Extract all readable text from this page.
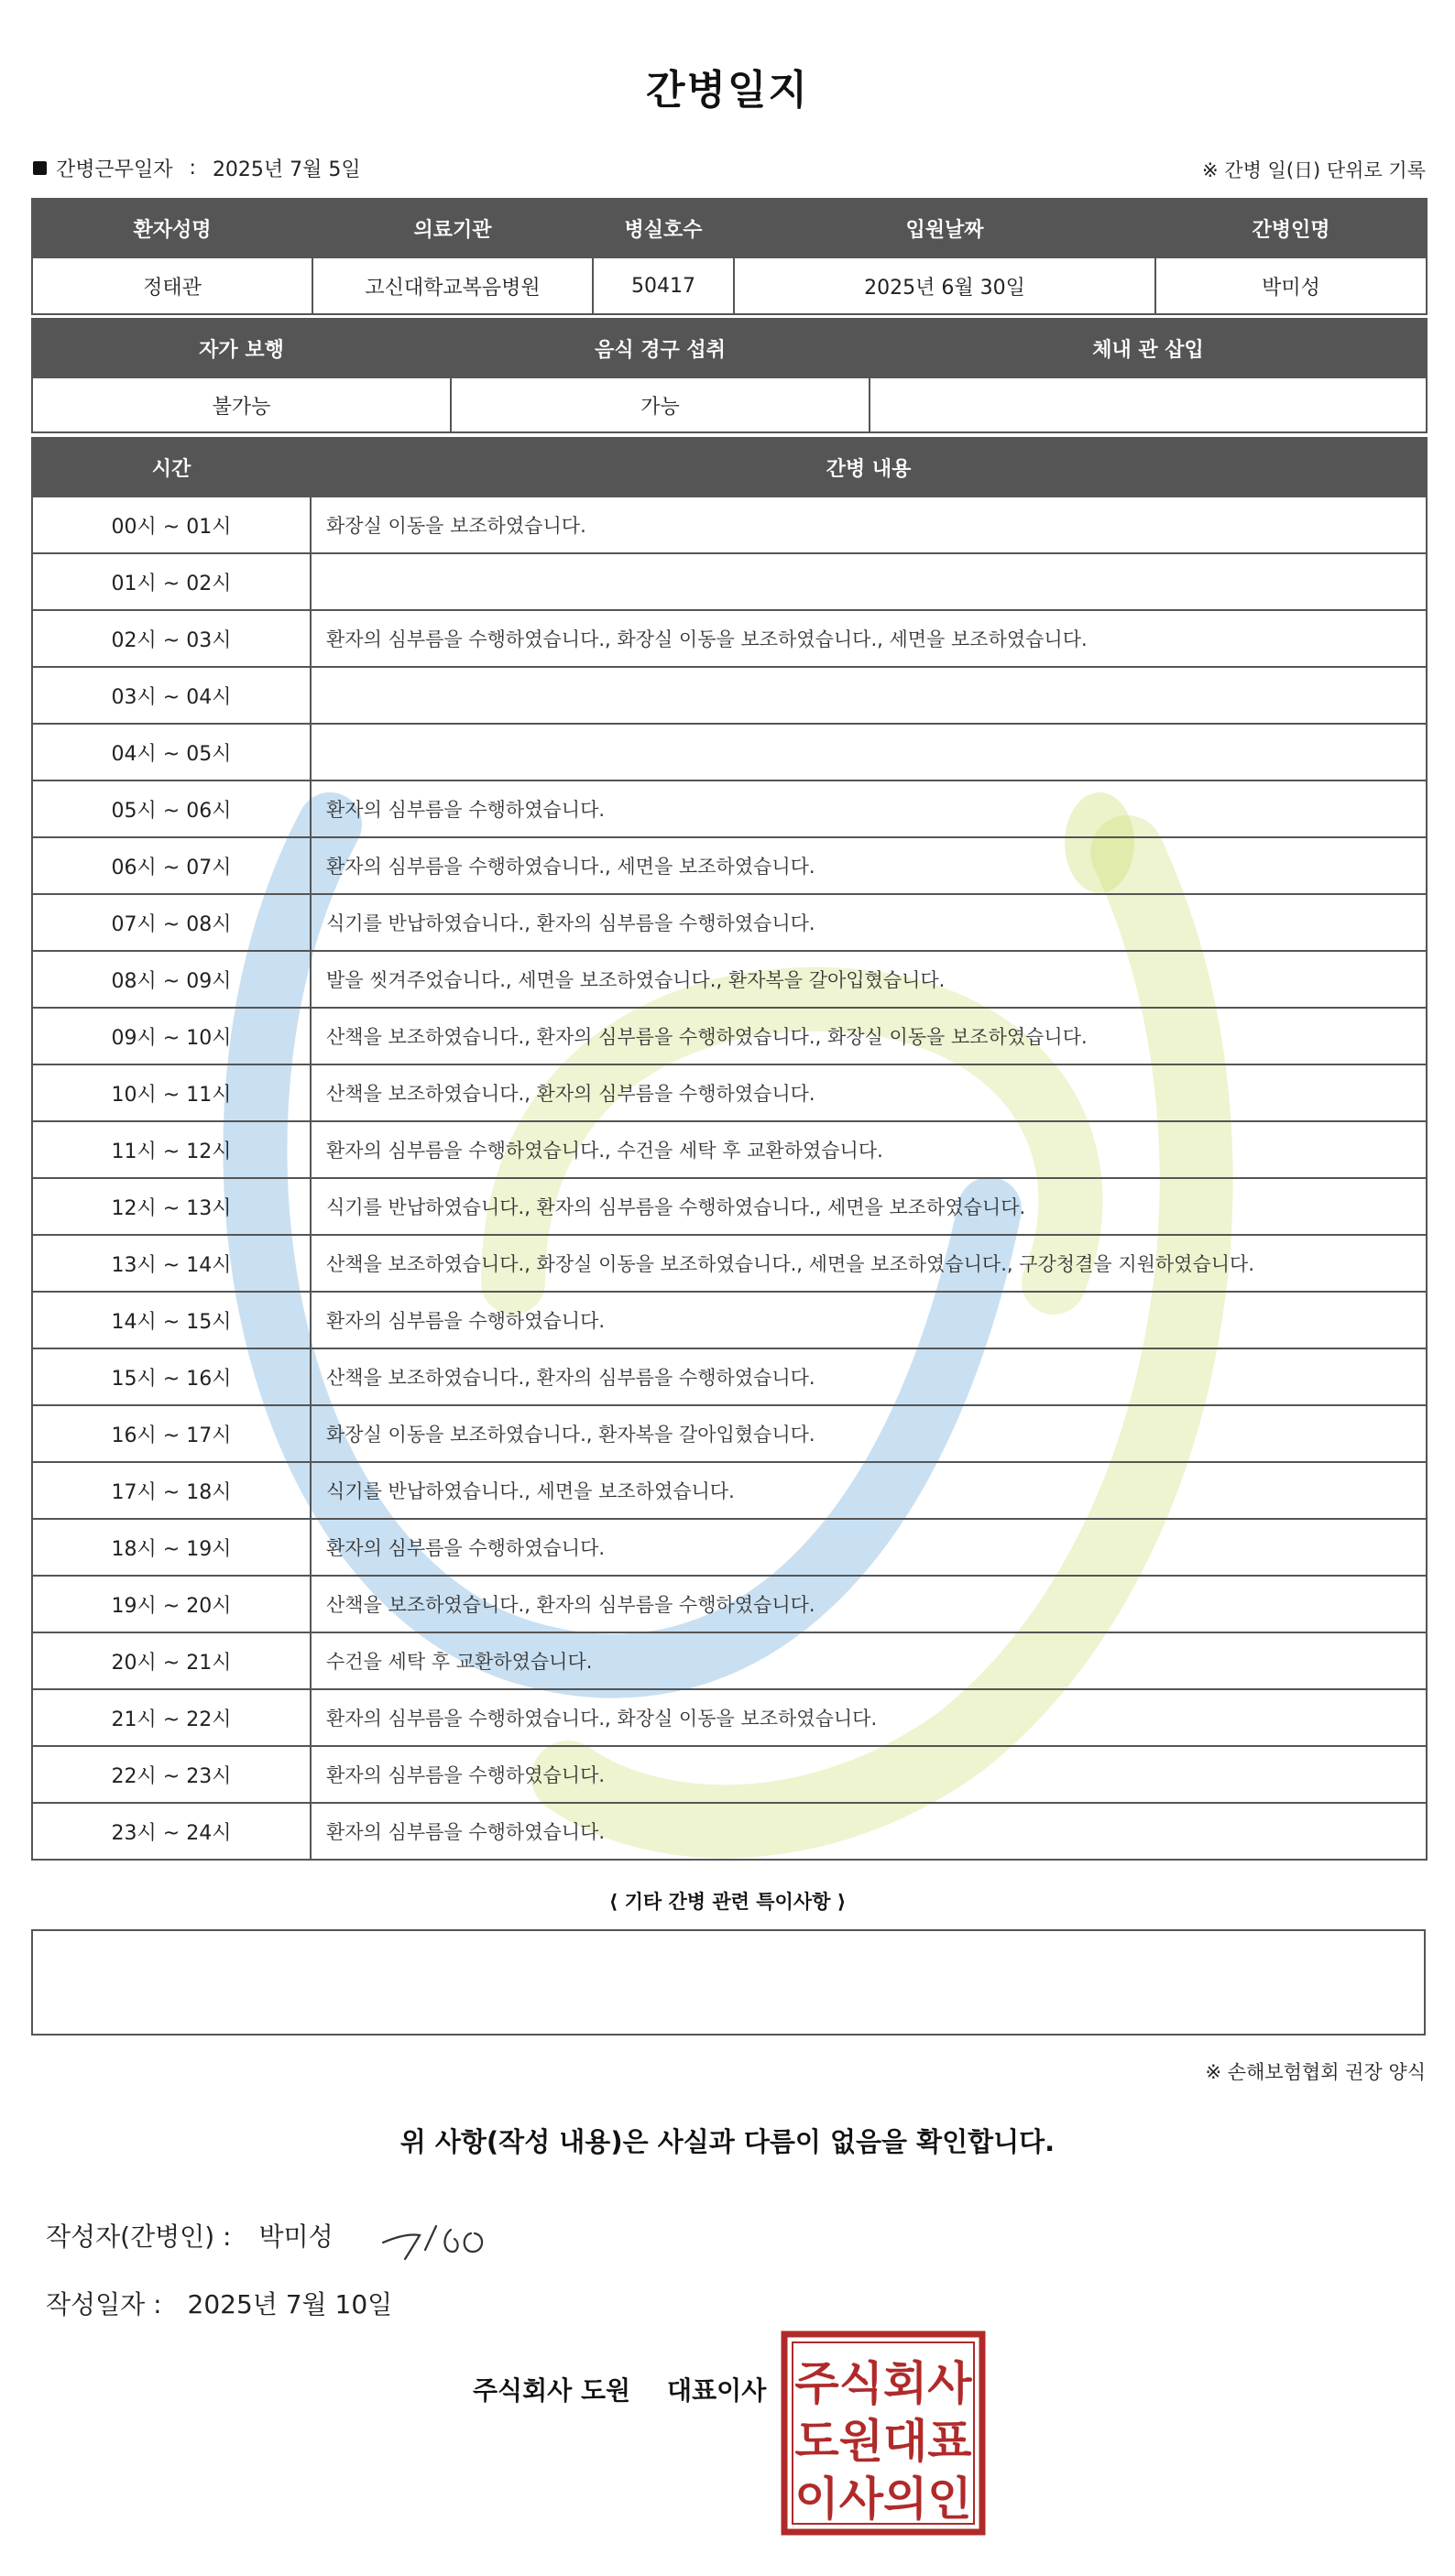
간병일지
간병근무일자 : 2025년 7월 5일	※ 간병 일(日) 단위로 기록
환자성명	의료기관	병실호수	입원날짜	간병인명
정태관	고신대학교복음병원	50417	2025년 6월 30일	박미성
자가 보행	음식 경구 섭취	체내 관 삽입
불가능	가능	
시간	간병 내용
00시 ~ 01시	화장실 이동을 보조하였습니다.
01시 ~ 02시	
02시 ~ 03시	환자의 심부름을 수행하였습니다., 화장실 이동을 보조하였습니다., 세면을 보조하였습니다.
03시 ~ 04시	
04시 ~ 05시	
05시 ~ 06시	환자의 심부름을 수행하였습니다.
06시 ~ 07시	환자의 심부름을 수행하였습니다., 세면을 보조하였습니다.
07시 ~ 08시	식기를 반납하였습니다., 환자의 심부름을 수행하였습니다.
08시 ~ 09시	발을 씻겨주었습니다., 세면을 보조하였습니다., 환자복을 갈아입혔습니다.
09시 ~ 10시	산책을 보조하였습니다., 환자의 심부름을 수행하였습니다., 화장실 이동을 보조하였습니다.
10시 ~ 11시	산책을 보조하였습니다., 환자의 심부름을 수행하였습니다.
11시 ~ 12시	환자의 심부름을 수행하였습니다., 수건을 세탁 후 교환하였습니다.
12시 ~ 13시	식기를 반납하였습니다., 환자의 심부름을 수행하였습니다., 세면을 보조하였습니다.
13시 ~ 14시	산책을 보조하였습니다., 화장실 이동을 보조하였습니다., 세면을 보조하였습니다., 구강청결을 지원하였습니다.
14시 ~ 15시	환자의 심부름을 수행하였습니다.
15시 ~ 16시	산책을 보조하였습니다., 환자의 심부름을 수행하였습니다.
16시 ~ 17시	화장실 이동을 보조하였습니다., 환자복을 갈아입혔습니다.
17시 ~ 18시	식기를 반납하였습니다., 세면을 보조하였습니다.
18시 ~ 19시	환자의 심부름을 수행하였습니다.
19시 ~ 20시	산책을 보조하였습니다., 환자의 심부름을 수행하였습니다.
20시 ~ 21시	수건을 세탁 후 교환하였습니다.
21시 ~ 22시	환자의 심부름을 수행하였습니다., 화장실 이동을 보조하였습니다.
22시 ~ 23시	환자의 심부름을 수행하였습니다.
23시 ~ 24시	환자의 심부름을 수행하였습니다.
⟨ 기타 간병 관련 특이사항 ⟩
※ 손해보험협회 권장 양식
위 사항(작성 내용)은 사실과 다름이 없음을 확인합니다.
작성자(간병인) : 박미성
작성일자 : 2025년 7월 10일
주식회사 도원 대표이사 주식회사
도원대표
이사의인
